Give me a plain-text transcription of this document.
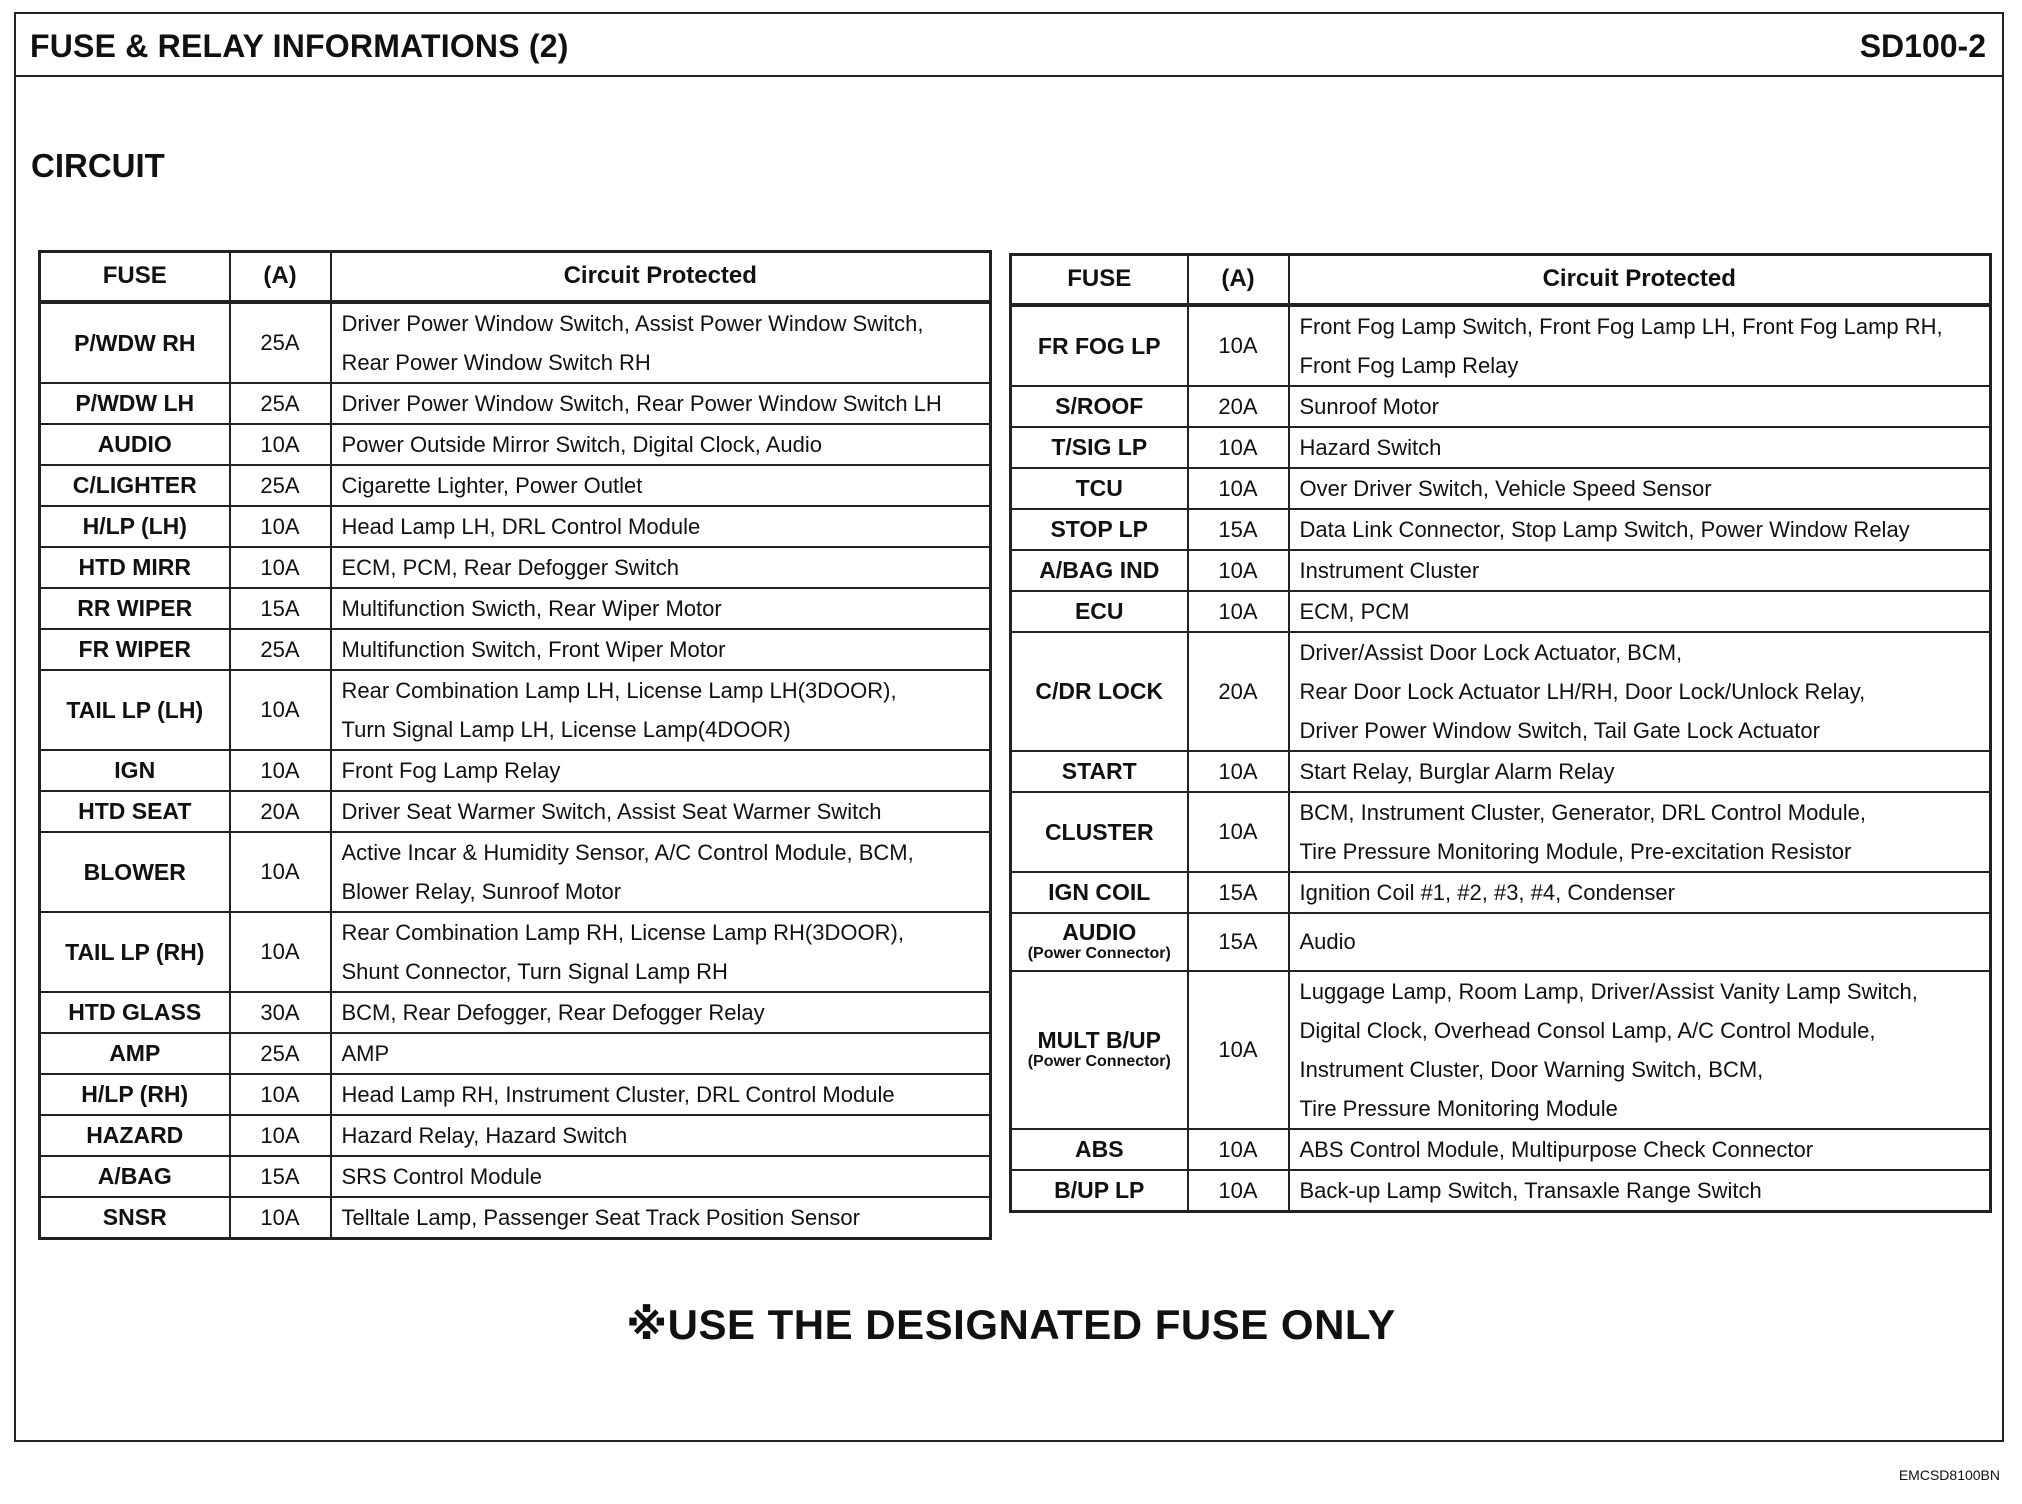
FUSE & RELAY INFORMATIONS (2)	SD100-2
CIRCUIT
FUSE	(A)	Circuit Protected
P/WDW RH	25A	Driver Power Window Switch, Assist Power Window Switch,
Rear Power Window Switch RH
P/WDW LH	25A	Driver Power Window Switch, Rear Power Window Switch LH
AUDIO	10A	Power Outside Mirror Switch, Digital Clock, Audio
C/LIGHTER	25A	Cigarette Lighter, Power Outlet
H/LP (LH)	10A	Head Lamp LH, DRL Control Module
HTD MIRR	10A	ECM, PCM, Rear Defogger Switch
RR WIPER	15A	Multifunction Swicth, Rear Wiper Motor
FR WIPER	25A	Multifunction Switch, Front Wiper Motor
TAIL LP (LH)	10A	Rear Combination Lamp LH, License Lamp LH(3DOOR),
Turn Signal Lamp LH, License Lamp(4DOOR)
IGN	10A	Front Fog Lamp Relay
HTD SEAT	20A	Driver Seat Warmer Switch, Assist Seat Warmer Switch
BLOWER	10A	Active Incar & Humidity Sensor, A/C Control Module, BCM,
Blower Relay, Sunroof Motor
TAIL LP (RH)	10A	Rear Combination Lamp RH, License Lamp RH(3DOOR),
Shunt Connector, Turn Signal Lamp RH
HTD GLASS	30A	BCM, Rear Defogger, Rear Defogger Relay
AMP	25A	AMP
H/LP (RH)	10A	Head Lamp RH, Instrument Cluster, DRL Control Module
HAZARD	10A	Hazard Relay, Hazard Switch
A/BAG	15A	SRS Control Module
SNSR	10A	Telltale Lamp, Passenger Seat Track Position Sensor
FUSE	(A)	Circuit Protected
FR FOG LP	10A	Front Fog Lamp Switch, Front Fog Lamp LH, Front Fog Lamp RH,
Front Fog Lamp Relay
S/ROOF	20A	Sunroof Motor
T/SIG LP	10A	Hazard Switch
TCU	10A	Over Driver Switch, Vehicle Speed Sensor
STOP LP	15A	Data Link Connector, Stop Lamp Switch, Power Window Relay
A/BAG IND	10A	Instrument Cluster
ECU	10A	ECM, PCM
C/DR LOCK	20A	Driver/Assist Door Lock Actuator, BCM,
Rear Door Lock Actuator LH/RH, Door Lock/Unlock Relay,
Driver Power Window Switch, Tail Gate Lock Actuator
START	10A	Start Relay, Burglar Alarm Relay
CLUSTER	10A	BCM, Instrument Cluster, Generator, DRL Control Module,
Tire Pressure Monitoring Module, Pre-excitation Resistor
IGN COIL	15A	Ignition Coil #1, #2, #3, #4, Condenser
AUDIO
(Power Connector)	15A	Audio
MULT B/UP
(Power Connector)	10A	Luggage Lamp, Room Lamp, Driver/Assist Vanity Lamp Switch,
Digital Clock, Overhead Consol Lamp, A/C Control Module,
Instrument Cluster, Door Warning Switch, BCM,
Tire Pressure Monitoring Module
ABS	10A	ABS Control Module, Multipurpose Check Connector
B/UP LP	10A	Back-up Lamp Switch, Transaxle Range Switch
※USE THE DESIGNATED FUSE ONLY
EMCSD8100BN
